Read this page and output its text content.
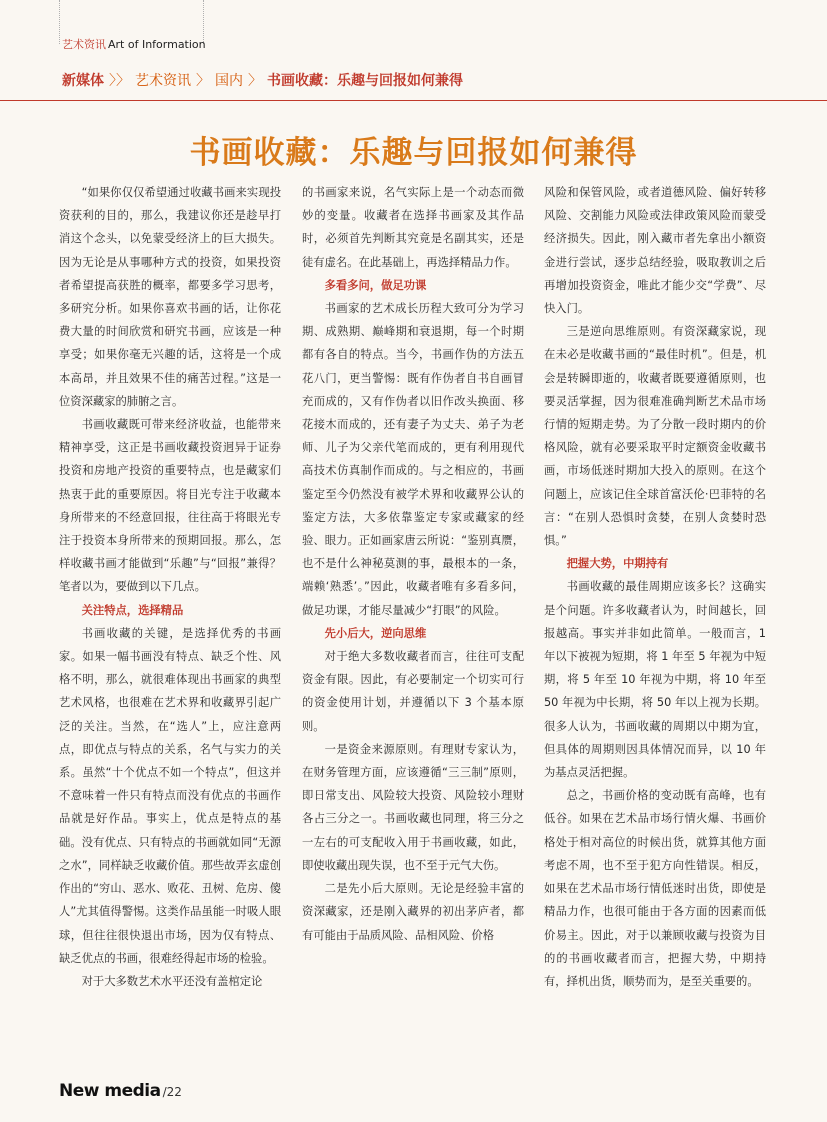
艺术资讯 Art of Information
新媒体 〉〉 艺术资讯 〉 国内 〉 书画收藏：乐趣与回报如何兼得
书画收藏：乐趣与回报如何兼得

“如果你仅仅希望通过收藏书画来实现投资获利的目的，那么，我建议你还是趁早打消这个念头，以免蒙受经济上的巨大损失。因为无论是从事哪种方式的投资，如果投资者希望提高获胜的概率，都要多学习思考，多研究分析。如果你喜欢书画的话，让你花费大量的时间欣赏和研究书画，应该是一种享受；如果你毫无兴趣的话，这将是一个成本高昂，并且效果不佳的痛苦过程。”这是一位资深藏家的肺腑之言。

书画收藏既可带来经济收益，也能带来精神享受，这正是书画收藏投资迥异于证券投资和房地产投资的重要特点，也是藏家们热衷于此的重要原因。将目光专注于收藏本身所带来的不经意回报，往往高于将眼光专注于投资本身所带来的预期回报。那么，怎样收藏书画才能做到“乐趣”与“回报”兼得？笔者以为，要做到以下几点。

关注特点，选择精品

书画收藏的关键，是选择优秀的书画家。如果一幅书画没有特点、缺乏个性、风格不明，那么，就很难体现出书画家的典型艺术风格，也很难在艺术界和收藏界引起广泛的关注。当然，在“选人”上，应注意两点，即优点与特点的关系，名气与实力的关系。虽然“十个优点不如一个特点”，但这并不意味着一件只有特点而没有优点的书画作品就是好作品。事实上，优点是特点的基础。没有优点、只有特点的书画就如同“无源之水”，同样缺乏收藏价值。那些故弄玄虚创作出的“穷山、恶水、败花、丑树、危房、傻人”尤其值得警惕。这类作品虽能一时吸人眼球，但往往很快退出市场，因为仅有特点、缺乏优点的书画，很难经得起市场的检验。

对于大多数艺术水平还没有盖棺定论

的书画家来说，名气实际上是一个动态而微妙的变量。收藏者在选择书画家及其作品时，必须首先判断其究竟是名副其实，还是徒有虚名。在此基础上，再选择精品力作。

多看多问，做足功课

书画家的艺术成长历程大致可分为学习期、成熟期、巅峰期和衰退期，每一个时期都有各自的特点。当今，书画作伪的方法五花八门，更当警惕：既有作伪者自书自画冒充而成的，又有作伪者以旧作改头换面、移花接木而成的，还有妻子为丈夫、弟子为老师、儿子为父亲代笔而成的，更有利用现代高技术仿真制作而成的。与之相应的，书画鉴定至今仍然没有被学术界和收藏界公认的鉴定方法，大多依靠鉴定专家或藏家的经验、眼力。正如画家唐云所说：“鉴别真赝，也不是什么神秘莫测的事，最根本的一条，端赖‘熟悉’。”因此，收藏者唯有多看多问，做足功课，才能尽量减少“打眼”的风险。

先小后大，逆向思维

对于绝大多数收藏者而言，往往可支配资金有限。因此，有必要制定一个切实可行的资金使用计划，并遵循以下 3 个基本原则。

一是资金来源原则。有理财专家认为，在财务管理方面，应该遵循“三三制”原则，即日常支出、风险较大投资、风险较小理财各占三分之一。书画收藏也同理，将三分之一左右的可支配收入用于书画收藏，如此，即使收藏出现失误，也不至于元气大伤。

二是先小后大原则。无论是经验丰富的资深藏家，还是刚入藏界的初出茅庐者，都有可能由于品质风险、品相风险、价格

风险和保管风险，或者道德风险、偏好转移风险、交割能力风险或法律政策风险而蒙受经济损失。因此，刚入藏市者先拿出小额资金进行尝试，逐步总结经验，吸取教训之后再增加投资资金，唯此才能少交“学费”、尽快入门。

三是逆向思维原则。有资深藏家说，现在未必是收藏书画的“最佳时机”。但是，机会是转瞬即逝的，收藏者既要遵循原则，也要灵活掌握，因为很难准确判断艺术品市场行情的短期走势。为了分散一段时期内的价格风险，就有必要采取平时定额资金收藏书画，市场低迷时期加大投入的原则。在这个问题上，应该记住全球首富沃伦·巴菲特的名言：“在别人恐惧时贪婪，在别人贪婪时恐惧。”

把握大势，中期持有

书画收藏的最佳周期应该多长？这确实是个问题。许多收藏者认为，时间越长，回报越高。事实并非如此简单。一般而言，1 年以下被视为短期，将 1 年至 5 年视为中短期，将 5 年至 10 年视为中期，将 10 年至 50 年视为中长期，将 50 年以上视为长期。很多人认为，书画收藏的周期以中期为宜，但具体的周期则因具体情况而异，以 10 年为基点灵活把握。

总之，书画价格的变动既有高峰，也有低谷。如果在艺术品市场行情火爆、书画价格处于相对高位的时候出货，就算其他方面考虑不周，也不至于犯方向性错误。相反，如果在艺术品市场行情低迷时出货，即使是精品力作，也很可能由于各方面的因素而低价易主。因此，对于以兼顾收藏与投资为目的的书画收藏者而言，把握大势，中期持有，择机出货，顺势而为，是至关重要的。

New media /22
